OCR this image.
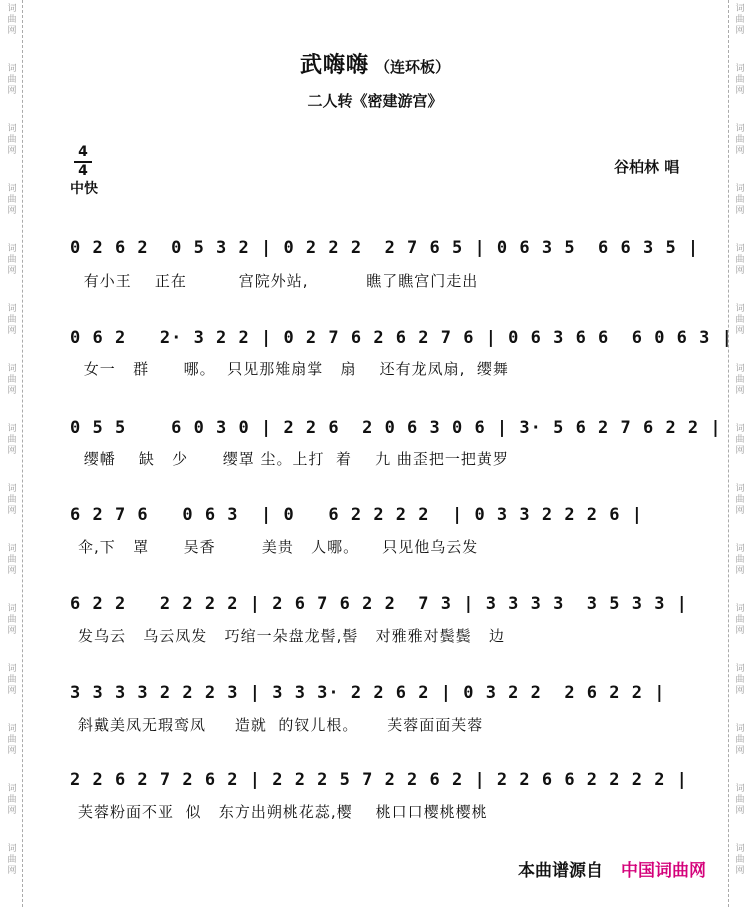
词
曲
网
词
曲
网
词
曲
网
词
曲
网
词
曲
网
词
曲
网
词
曲
网
词
曲
网
词
曲
网
词
曲
网
词
曲
网
词
曲
网
词
曲
网
词
曲
网
词
曲
网
词
曲
网
词
曲
网
词
曲
网
词
曲
网
词
曲
网
词
曲
网
词
曲
网
词
曲
网
词
曲
网
词
曲
网
词
曲
网
词
曲
网
词
曲
网
词
曲
网
词
曲
网
武嗨嗨 （连环板）
二人转《密建游宫》
4
4
中快
谷柏林 唱
0 2 6 2  0 5 3 2 | 0 2 2 2  2 7 6 5 | 0 6 3 5  6 6 3 5 |
有小王    正在         宫院外站,          瞧了瞧宫门走出
0 6 2   2· 3 2 2 | 0 2 7 6 2 6 2 7 6 | 0 6 3 6 6  6 0 6 3 |
女一   群      哪。  只见那雉扇掌   扇    还有龙凤扇,  缨舞
0 5 5    6 0 3 0 | 2 2 6  2 0 6 3 0 6 | 3· 5 6 2 7 6 2 2 |
缨幡    缺   少      缨罩 尘。上打  着    九 曲歪把一把黄罗
6 2 7 6   0 6 3  | 0   6 2 2 2 2  | 0 3 3 2 2 2 6 |
伞,下   罩      吴香        美贵   人哪。    只见他乌云发
6 2 2   2 2 2 2 | 2 6 7 6 2 2  7 3 | 3 3 3 3  3 5 3 3 |
发乌云   乌云凤发   巧绾一朵盘龙髻,髻   对雅雅对鬓鬓   边
3 3 3 3 2 2 2 3 | 3 3 3· 2 2 6 2 | 0 3 2 2  2 6 2 2 |
斜戴美凤无瑕鸾凤     造就  的钗儿根。     芙蓉面面芙蓉
2 2 6 2 7 2 6 2 | 2 2 2 5 7 2 2 6 2 | 2 2 6 6 2 2 2 2 |
芙蓉粉面不亚  似   东方出朔桃花蕊,樱    桃口口樱桃樱桃
本曲谱源自 中国词曲网
